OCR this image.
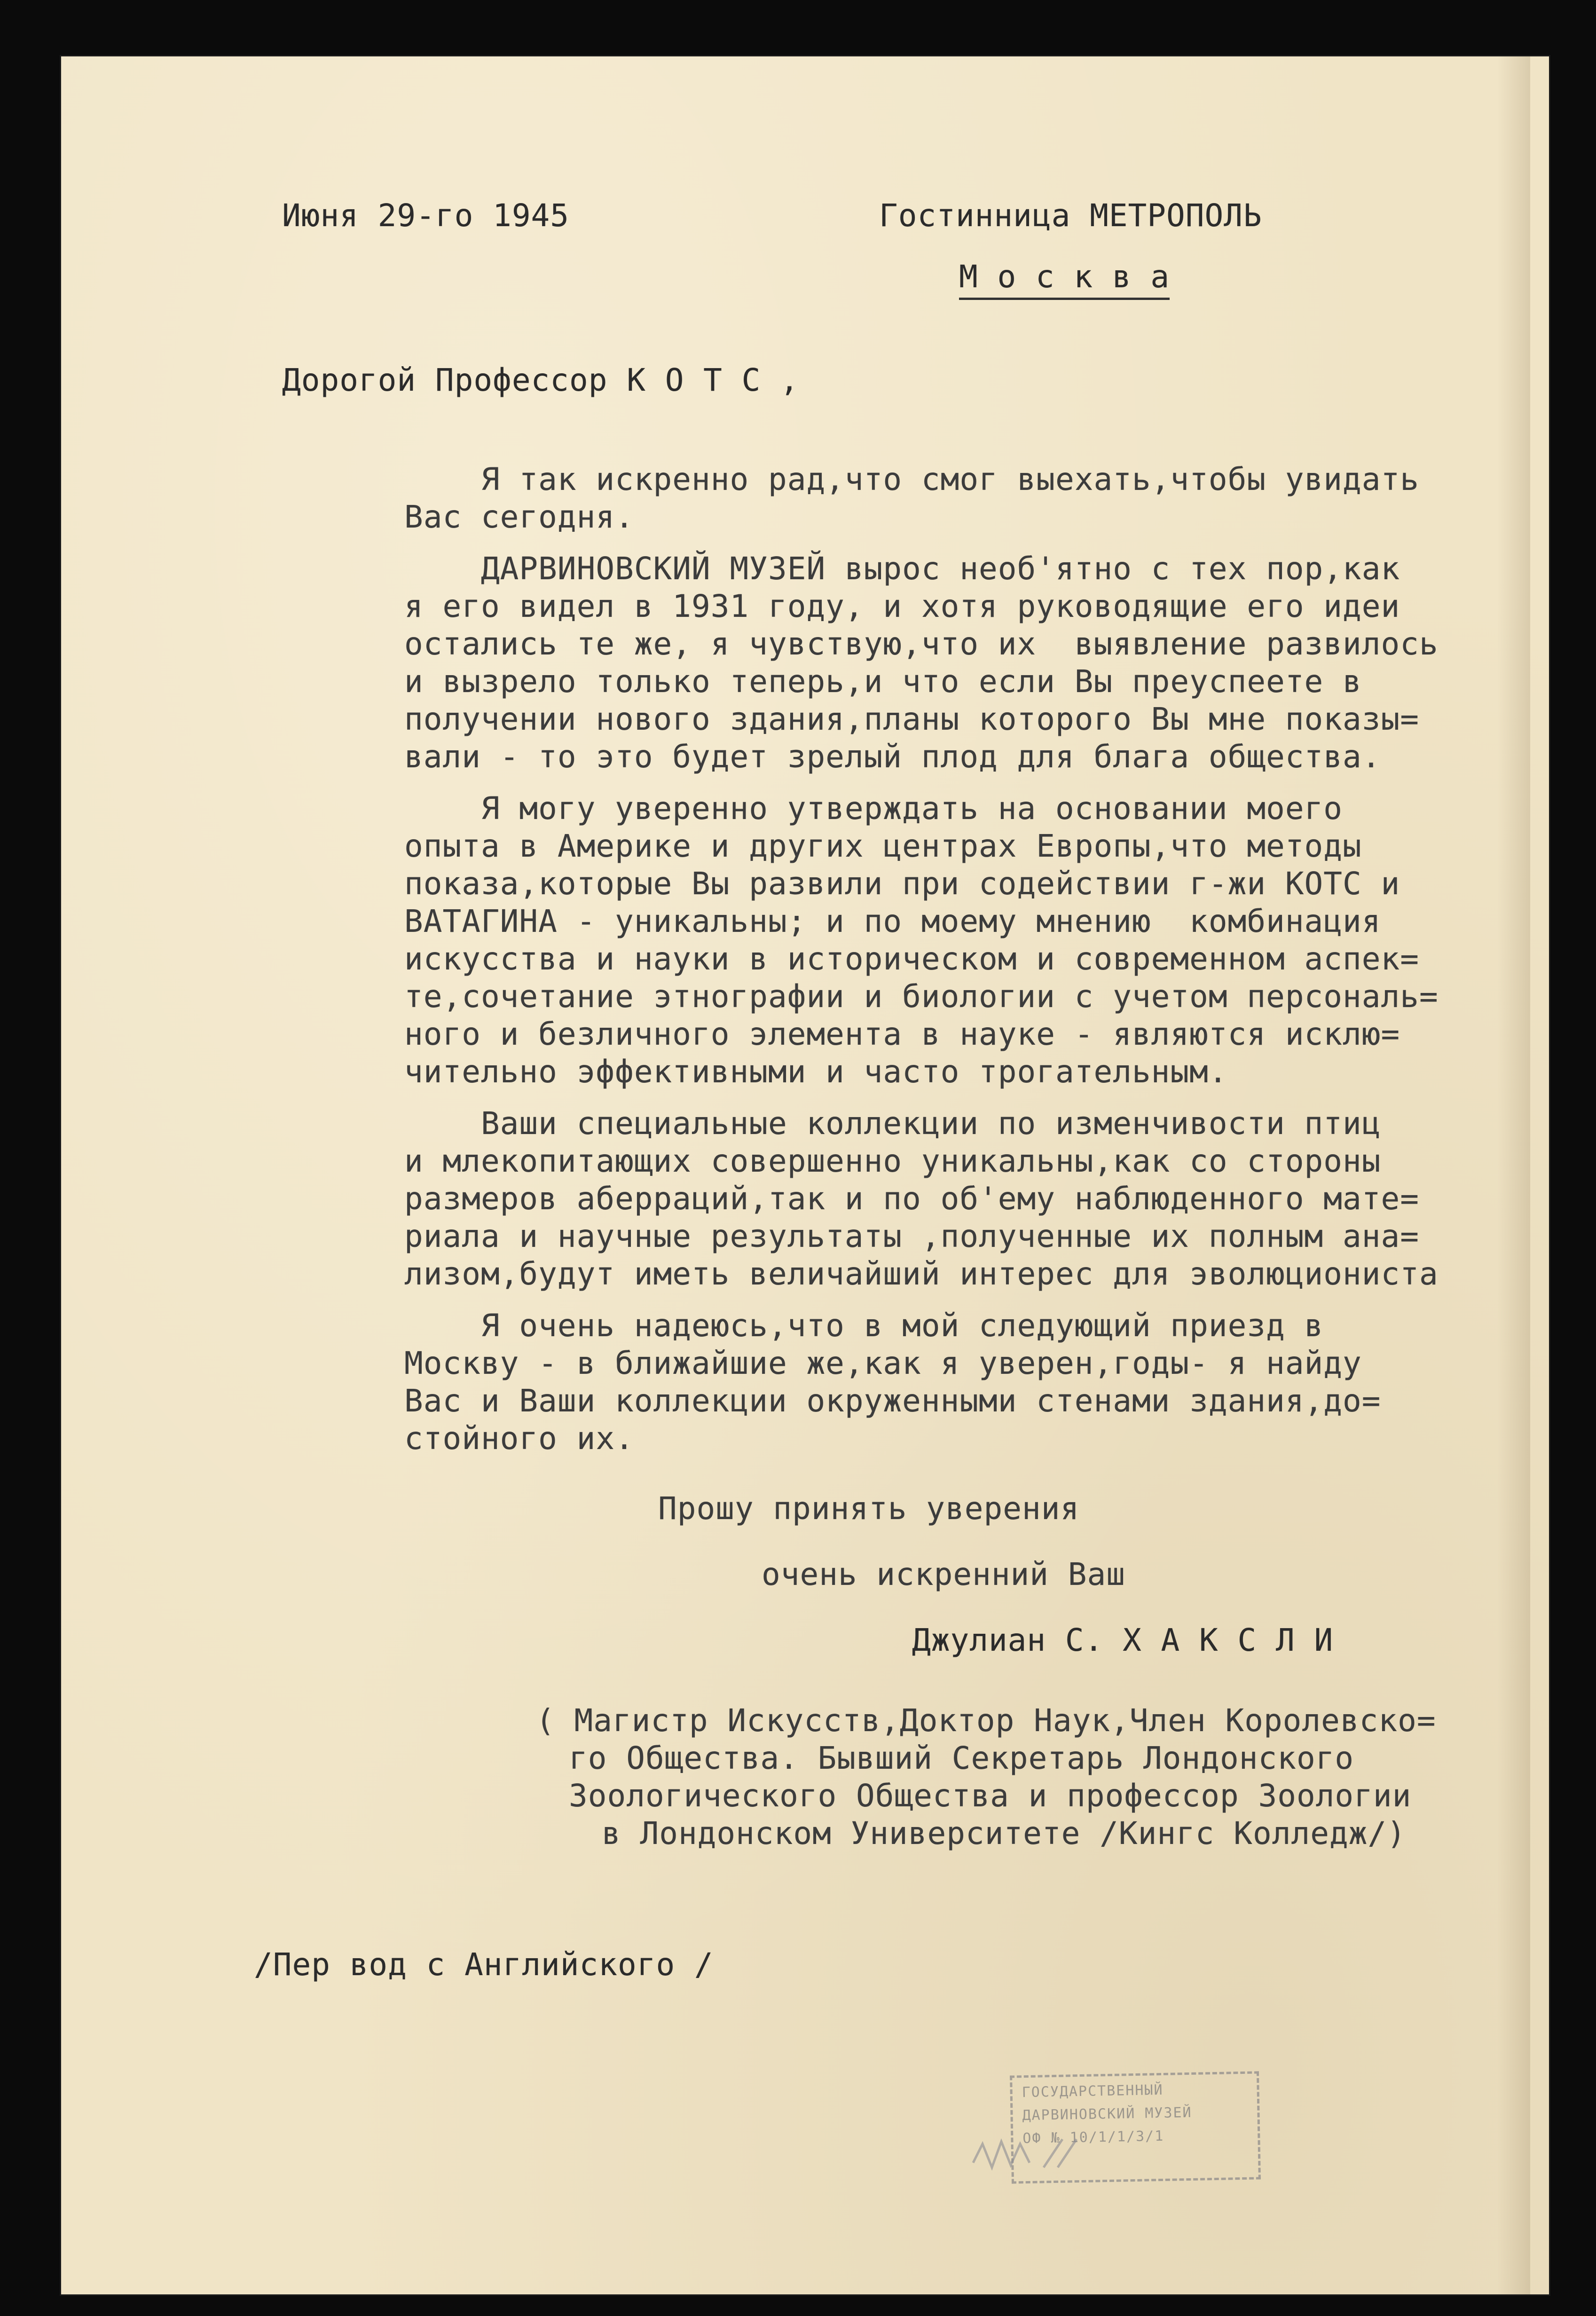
Июня 29-го 1945	Гостинница МЕТРОПОЛЬ
М о с к в а
Дорогой Профессор К О Т С ,
Я так искренно рад,что смог выехать,чтобы увидать
Вас сегодня.
ДАРВИНОВСКИЙ МУЗЕЙ вырос необ'ятно с тех пор,как
я его видел в 1931 году, и хотя руководящие его идеи
остались те же, я чувствую,что их  выявление развилось
и вызрело только теперь,и что если Вы преуспеете в
получении нового здания,планы которого Вы мне показы=
вали - то это будет зрелый плод для блага общества.
Я могу уверенно утверждать на основании моего
опыта в Америке и других центрах Европы,что методы
показа,которые Вы развили при содействии г-жи КОТС и
ВАТАГИНА - уникальны; и по моему мнению  комбинация
искусства и науки в историческом и современном аспек=
те,сочетание этнографии и биологии с учетом персональ=
ного и безличного элемента в науке - являются исклю=
чительно эффективными и часто трогательным.
Ваши специальные коллекции по изменчивости птиц
и млекопитающих совершенно уникальны,как со стороны
размеров аберраций,так и по об'ему наблюденного мате=
риала и научные результаты ,полученные их полным ана=
лизом,будут иметь величайший интерес для эволюциониста
Я очень надеюсь,что в мой следующий приезд в
Москву - в ближайшие же,как я уверен,годы- я найду
Вас и Ваши коллекции окруженными стенами здания,до=
стойного их.
Прошу принять уверения
очень искренний Ваш
Джулиан С. Х А К С Л И
( Магистр Искусств,Доктор Наук,Член Королевско=
го Общества. Бывший Секретарь Лондонского
Зоологического Общества и профессор Зоологии
в Лондонском Университете /Кингс Колледж/)
/Пер вод с Английского /
ГОСУДАРСТВЕННЫЙ
ДАРВИНОВСКИЙ МУЗЕЙ
ОФ № 10/1/1/3/1
